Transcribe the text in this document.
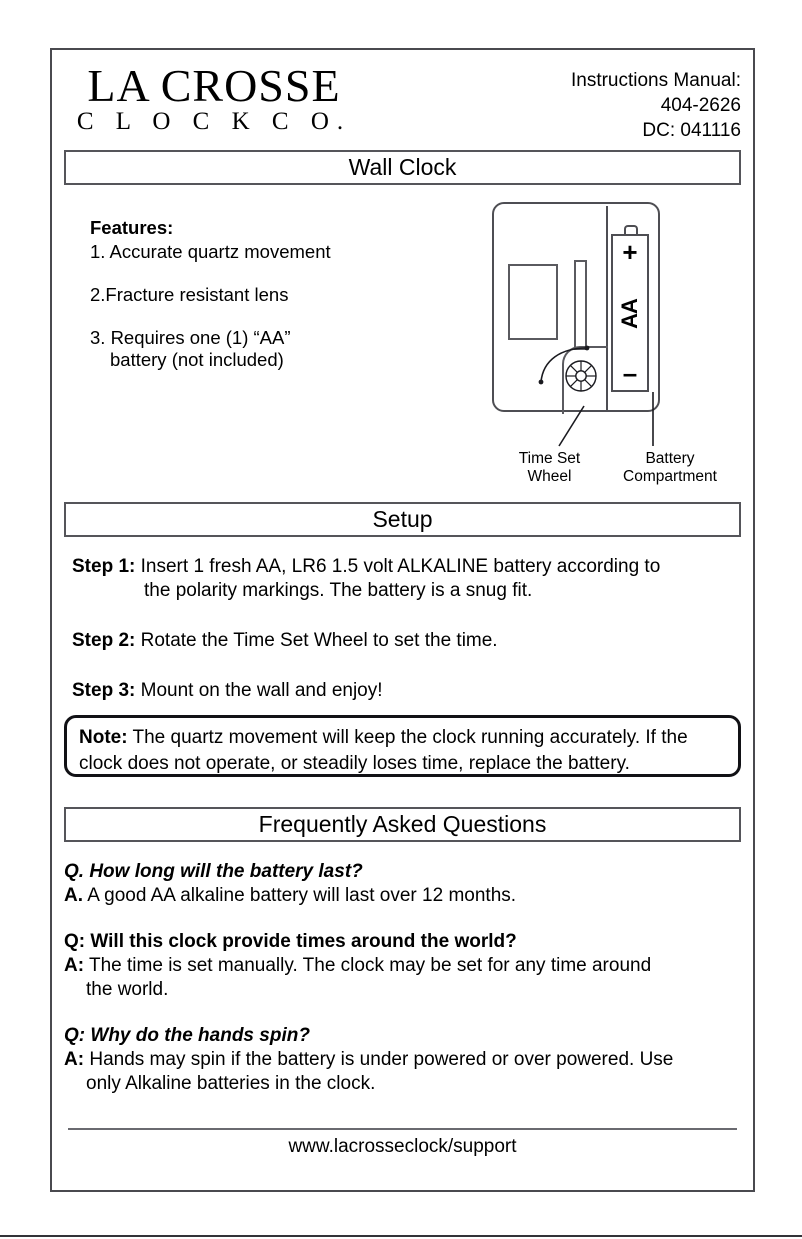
LA CROSSE
C L O C K C O.
Instructions Manual:
404-2626
DC: 041116
Wall Clock
Features:
1. Accurate quartz movement
2.Fracture resistant lens
3. Requires one (1) “AA”
battery (not included)
+
AA
–
Time Set
Wheel
Battery
Compartment
Setup
Step 1: Insert 1 fresh AA, LR6 1.5 volt ALKALINE battery according to
the polarity markings. The battery is a snug fit.
Step 2: Rotate the Time Set Wheel to set the time.
Step 3: Mount on the wall and enjoy!
Note: The quartz movement will keep the clock running accurately. If the clock does not operate, or steadily loses time, replace the battery.
Frequently Asked Questions
Q. How long will the battery last?
A. A good AA alkaline battery will last over 12 months.
Q: Will this clock provide times around the world?
A: The time is set manually. The clock may be set for any time around
the world.
Q: Why do the hands spin?
A: Hands may spin if the battery is under powered or over powered. Use
only Alkaline batteries in the clock.
www.lacrosseclock/support
